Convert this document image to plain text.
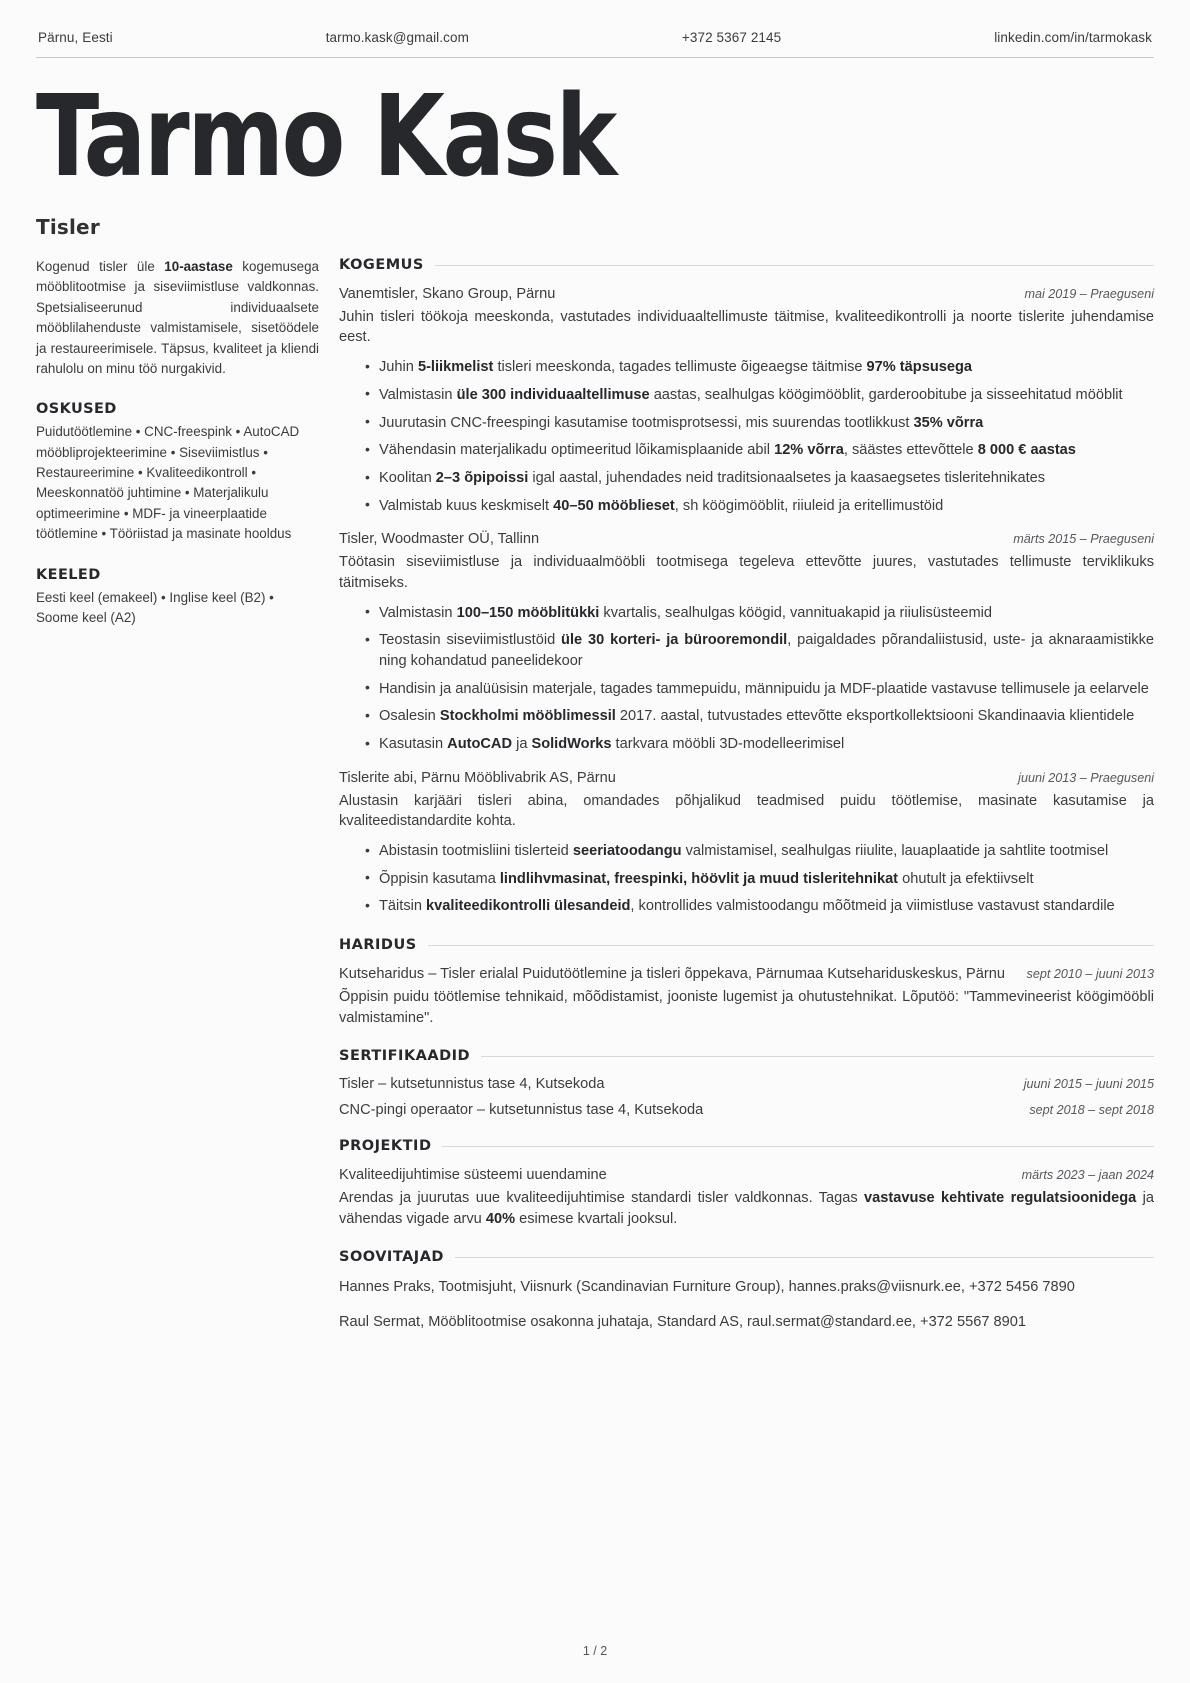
Pärnu, Eesti	tarmo.kask@gmail.com	+372 5367 2145	linkedin.com/in/tarmokask
Tarmo Kask
Tisler
Kogenud tisler üle 10-aastase kogemusega mööblitootmise ja siseviimistluse valdkonnas. Spetsialiseerunud individuaalsete mööblilahenduste valmistamisele, sisetöödele ja restaureerimisele. Täpsus, kvaliteet ja kliendi rahulolu on minu töö nurgakivid.
OSKUSED
Puidutöötlemine • CNC-freespink • AutoCAD mööbliprojekteerimine • Siseviimistlus • Restaureerimine • Kvaliteedikontroll • Meeskonnatöö juhtimine • Materjalikulu optimeerimine • MDF- ja vineerplaatide töötlemine • Tööriistad ja masinate hooldus
KEELED
Eesti keel (emakeel) • Inglise keel (B2) • Soome keel (A2)
KOGEMUS
Vanemtisler, Skano Group, Pärnu	mai 2019 – Praeguseni
Juhin tisleri töökoja meeskonda, vastutades individuaaltellimuste täitmise, kvaliteedikontrolli ja noorte tislerite juhendamise eest.
• Juhin 5-liikmelist tisleri meeskonda, tagades tellimuste õigeaegse täitmise 97% täpsusega
• Valmistasin üle 300 individuaaltellimuse aastas, sealhulgas köögimööblit, garderoobitube ja sisseehitatud mööblit
• Juurutasin CNC-freespingi kasutamise tootmisprotsessi, mis suurendas tootlikkust 35% võrra
• Vähendasin materjalikadu optimeeritud lõikamisplaanide abil 12% võrra, säästes ettevõttele 8 000 € aastas
• Koolitan 2–3 õpipoissi igal aastal, juhendades neid traditsionaalsetes ja kaasaegsetes tisleritehnikates
• Valmistab kuus keskmiselt 40–50 mööblieset, sh köögimööblit, riiuleid ja eritellimustöid
Tisler, Woodmaster OÜ, Tallinn	märts 2015 – Praeguseni
Töötasin siseviimistluse ja individuaalmööbli tootmisega tegeleva ettevõtte juures, vastutades tellimuste terviklikuks täitmiseks.
• Valmistasin 100–150 mööblitükki kvartalis, sealhulgas köögid, vannituakapid ja riiulisüsteemid
• Teostasin siseviimistlustöid üle 30 korteri- ja bürooremondil, paigaldades põrandaliistusid, uste- ja aknaraamistikke ning kohandatud paneelidekoor
• Handisin ja analüüsisin materjale, tagades tammepuidu, männipuidu ja MDF-plaatide vastavuse tellimusele ja eelarvele
• Osalesin Stockholmi mööblimessil 2017. aastal, tutvustades ettevõtte eksportkollektsiooni Skandinaavia klientidele
• Kasutasin AutoCAD ja SolidWorks tarkvara mööbli 3D-modelleerimisel
Tislerite abi, Pärnu Mööblivabrik AS, Pärnu	juuni 2013 – Praeguseni
Alustasin karjääri tisleri abina, omandades põhjalikud teadmised puidu töötlemise, masinate kasutamise ja kvaliteedistandardite kohta.
• Abistasin tootmisliini tislerteid seeriatoodangu valmistamisel, sealhulgas riiulite, lauaplaatide ja sahtlite tootmisel
• Õppisin kasutama lindlihvmasinat, freespinki, höövlit ja muud tisleritehnikat ohutult ja efektiivselt
• Täitsin kvaliteedikontrolli ülesandeid, kontrollides valmistoodangu mõõtmeid ja viimistluse vastavust standardile
HARIDUS
Kutseharidus – Tisler erialal Puidutöötlemine ja tisleri õppekava, Pärnumaa Kutsehariduskeskus, Pärnu sept 2010 – juuni 2013
Õppisin puidu töötlemise tehnikaid, mõõdistamist, jooniste lugemist ja ohutustehnikat. Lõputöö: "Tammevineerist köögimööbli valmistamine".
SERTIFIKAADID
Tisler – kutsetunnistus tase 4, Kutsekoda	juuni 2015 – juuni 2015
CNC-pingi operaator – kutsetunnistus tase 4, Kutsekoda	sept 2018 – sept 2018
PROJEKTID
Kvaliteedijuhtimise süsteemi uuendamine	märts 2023 – jaan 2024
Arendas ja juurutas uue kvaliteedijuhtimise standardi tisler valdkonnas. Tagas vastavuse kehtivate regulatsioonidega ja vähendas vigade arvu 40% esimese kvartali jooksul.
SOOVITAJAD
Hannes Praks, Tootmisjuht, Viisnurk (Scandinavian Furniture Group), hannes.praks@viisnurk.ee, +372 5456 7890
Raul Sermat, Mööblitootmise osakonna juhataja, Standard AS, raul.sermat@standard.ee, +372 5567 8901
1 / 2
